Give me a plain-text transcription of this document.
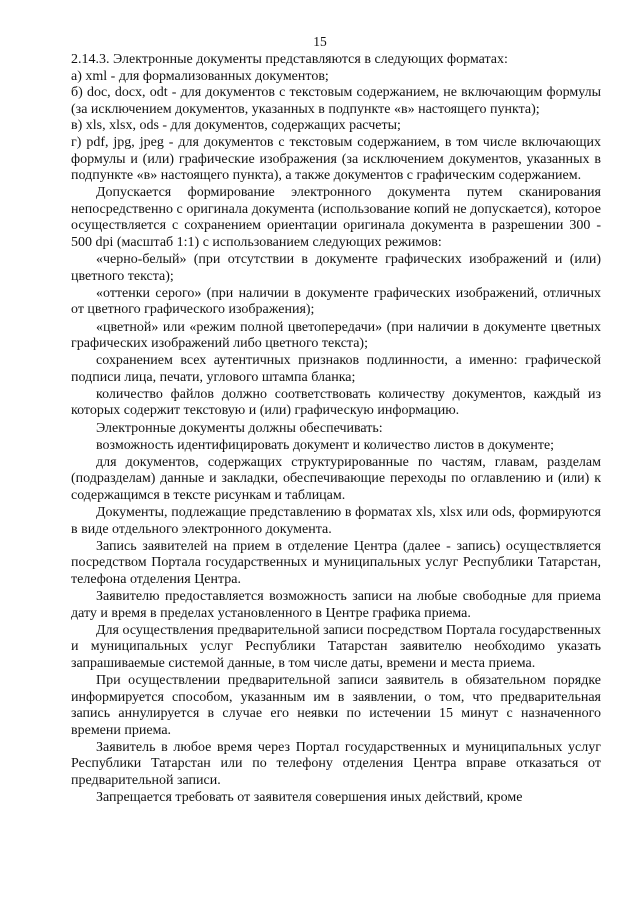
15

2.14.3. Электронные документы представляются в следующих форматах:

а) xml - для формализованных документов;

б) doc, docx, odt - для документов с текстовым содержанием, не включающим формулы (за исключением документов, указанных в подпункте «в» настоящего пункта);

в) xls, xlsx, ods - для документов, содержащих расчеты;

г) pdf, jpg, jpeg - для документов с текстовым содержанием, в том числе включающих формулы и (или) графические изображения (за исключением документов, указанных в подпункте «в» настоящего пункта), а также документов с графическим содержанием.

Допускается формирование электронного документа путем сканирования непосредственно с оригинала документа (использование копий не допускается), которое осуществляется с сохранением ориентации оригинала документа в разрешении 300 - 500 dpi (масштаб 1:1) с использованием следующих режимов:

«черно-белый» (при отсутствии в документе графических изображений и (или) цветного текста);

«оттенки серого» (при наличии в документе графических изображений, отличных от цветного графического изображения);

«цветной» или «режим полной цветопередачи» (при наличии в документе цветных графических изображений либо цветного текста);

сохранением всех аутентичных признаков подлинности, а именно: графической подписи лица, печати, углового штампа бланка;

количество файлов должно соответствовать количеству документов, каждый из которых содержит текстовую и (или) графическую информацию.

Электронные документы должны обеспечивать:

возможность идентифицировать документ и количество листов в документе;

для документов, содержащих структурированные по частям, главам, разделам (подразделам) данные и закладки, обеспечивающие переходы по оглавлению и (или) к содержащимся в тексте рисункам и таблицам.

Документы, подлежащие представлению в форматах xls, xlsx или ods, формируются в виде отдельного электронного документа.

Запись заявителей на прием в отделение Центра (далее - запись) осуществляется посредством Портала государственных и муниципальных услуг Республики Татарстан, телефона отделения Центра.

Заявителю предоставляется возможность записи на любые свободные для приема дату и время в пределах установленного в Центре графика приема.

Для осуществления предварительной записи посредством Портала государственных и муниципальных услуг Республики Татарстан заявителю необходимо указать запрашиваемые системой данные, в том числе даты, времени и места приема.

При осуществлении предварительной записи заявитель в обязательном порядке информируется способом, указанным им в заявлении, о том, что предварительная запись аннулируется в случае его неявки по истечении 15 минут с назначенного времени приема.

Заявитель в любое время через Портал государственных и муниципальных услуг Республики Татарстан или по телефону отделения Центра вправе отказаться от предварительной записи.

Запрещается требовать от заявителя совершения иных действий, кроме
